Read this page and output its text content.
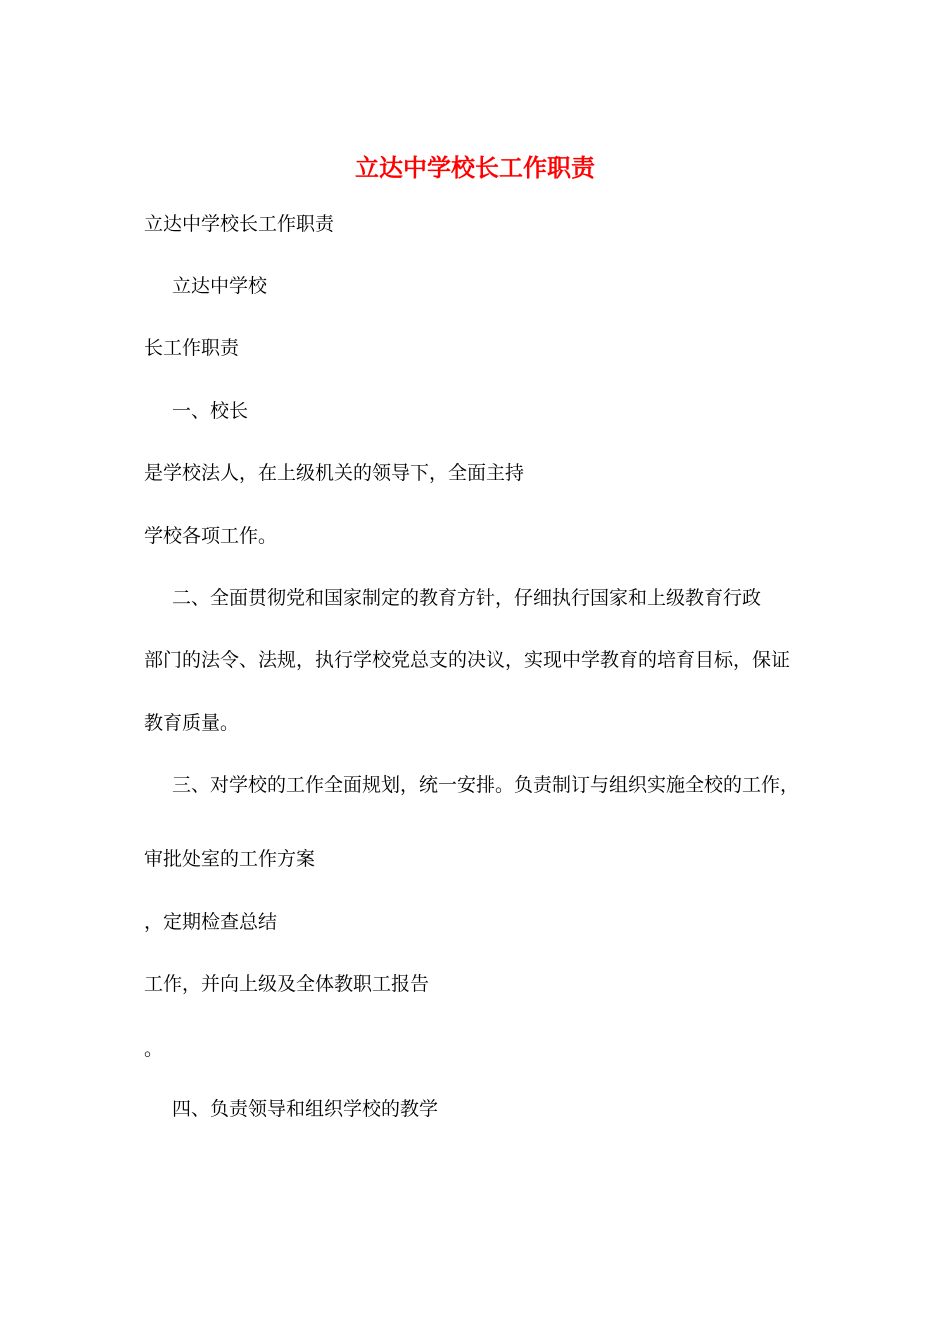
立达中学校长工作职责
立达中学校长工作职责
立达中学校
长工作职责
一、校长
是学校法人，在上级机关的领导下，全面主持
学校各项工作。
二、全面贯彻党和国家制定的教育方针，仔细执行国家和上级教育行政
部门的法令、法规，执行学校党总支的决议，实现中学教育的培育目标，保证
教育质量。
三、对学校的工作全面规划，统一安排。负责制订与组织实施全校的工作，
审批处室的工作方案
，定期检查总结
工作，并向上级及全体教职工报告
。
四、负责领导和组织学校的教学
